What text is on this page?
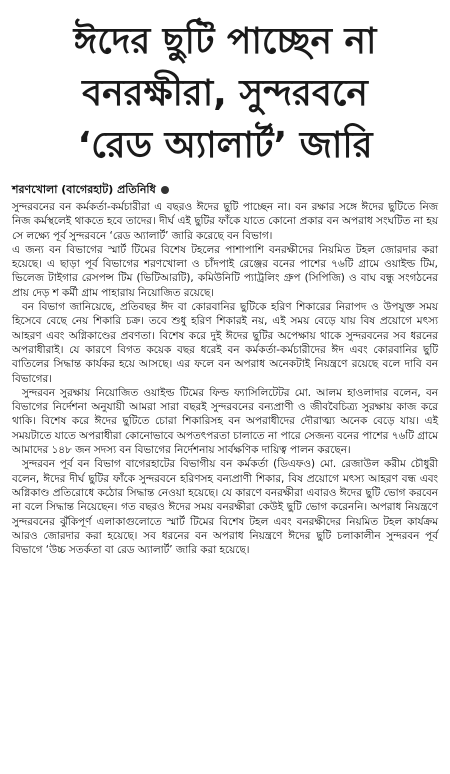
ঈদের ছুটি পাচ্ছেন না
বনরক্ষীরা, সুন্দরবনে
‘রেড অ্যালার্ট’ জারি
শরণখোলা (বাগেরহাট) প্রতিনিধি

সুন্দরবনের বন কর্মকর্তা-কর্মচারীরা এ বছরও ঈদের ছুটি পাচ্ছেন না। বন রক্ষার সঙ্গে ঈদের ছুটিতে নিজ নিজ কর্মস্থলেই থাকতে হবে তাদের। দীর্ঘ এই ছুটির ফাঁকে যাতে কোনো প্রকার বন অপরাধ সংঘটিত না হয় সে লক্ষ্যে পূর্ব সুন্দরবনে ‘রেড অ্যালার্ট’ জারি করেছে বন বিভাগ।

এ জন্য বন বিভাগের স্মার্ট টিমের বিশেষ টহলের পাশাপাশি বনরক্ষীদের নিয়মিত টহল জোরদার করা হয়েছে। এ ছাড়া পূর্ব বিভাগের শরণখোলা ও চাঁদপাই রেঞ্জের বনের পাশের ৭৬টি গ্রামে ওয়াইল্ড টিম, ভিলেজ টাইগার রেসপন্স টিম (ভিটিআরটি), কমিউনিটি প্যাট্রলিং গ্রুপ (সিপিজি) ও বাঘ বন্ধু সংগঠনের প্রায় দেড় শ কর্মী গ্রাম পাহারায় নিয়োজিত রয়েছে।

বন বিভাগ জানিয়েছে, প্রতিবছর ঈদ বা কোরবানির ছুটিকে হরিণ শিকারের নিরাপদ ও উপযুক্ত সময় হিসেবে বেছে নেয় শিকারি চক্র। তবে শুধু হরিণ শিকারই নয়, এই সময় বেড়ে যায় বিষ প্রয়োগে মৎস্য আহরণ এবং অগ্নিকাণ্ডের প্রবণতা। বিশেষ করে দুই ঈদের ছুটির অপেক্ষায় থাকে সুন্দরবনের সব ধরনের অপরাধীরাই। যে কারণে বিগত কয়েক বছর ধরেই বন কর্মকর্তা-কর্মচারীদের ঈদ এবং কোরবানির ছুটি বাতিলের সিদ্ধান্ত কার্যকর হয়ে আসছে। এর ফলে বন অপরাধ অনেকটাই নিয়ন্ত্রণে রয়েছে বলে দাবি বন বিভাগের।

সুন্দরবন সুরক্ষায় নিয়োজিত ওয়াইল্ড টিমের ফিল্ড ফ্যাসিলিটেটর মো. আলম হাওলাদার বলেন, বন বিভাগের নির্দেশনা অনুযায়ী আমরা সারা বছরই সুন্দরবনের বন্যপ্রাণী ও জীববৈচিত্র্য সুরক্ষায় কাজ করে থাকি। বিশেষ করে ঈদের ছুটিতে চোরা শিকারিসহ বন অপরাধীদের দৌরাত্ম্য অনেক বেড়ে যায়। এই সময়টাতে যাতে অপরাধীরা কোনোভাবে অপতৎপরতা চালাতে না পারে সেজন্য বনের পাশের ৭৬টি গ্রামে আমাদের ১৪৮ জন সদস্য বন বিভাগের নির্দেশনায় সার্বক্ষণিক দায়িত্ব পালন করছেন।

সুন্দরবন পূর্ব বন বিভাগ বাগেরহাটের বিভাগীয় বন কর্মকর্তা (ডিএফও) মো. রেজাউল করীম চৌধুরী বলেন, ঈদের দীর্ঘ ছুটির ফাঁকে সুন্দরবনে হরিণসহ বন্যপ্রাণী শিকার, বিষ প্রয়োগে মৎস্য আহরণ বন্ধ এবং অগ্নিকাণ্ড প্রতিরোধে কঠোর সিদ্ধান্ত নেওয়া হয়েছে। যে কারণে বনরক্ষীরা এবারও ঈদের ছুটি ভোগ করবেন না বলে সিদ্ধান্ত নিয়েছেন। গত বছরও ঈদের সময় বনরক্ষীরা কেউই ছুটি ভোগ করেননি। অপরাধ নিয়ন্ত্রণে সুন্দরবনের ঝুঁকিপূর্ণ এলাকাগুলোতে স্মার্ট টিমের বিশেষ টহল এবং বনরক্ষীদের নিয়মিত টহল কার্যক্রম আরও জোরদার করা হয়েছে। সব ধরনের বন অপরাধ নিয়ন্ত্রণে ঈদের ছুটি চলাকালীন সুন্দরবন পূর্ব বিভাগে ‘উচ্চ সতর্কতা বা রেড অ্যালার্ট’ জারি করা হয়েছে।
